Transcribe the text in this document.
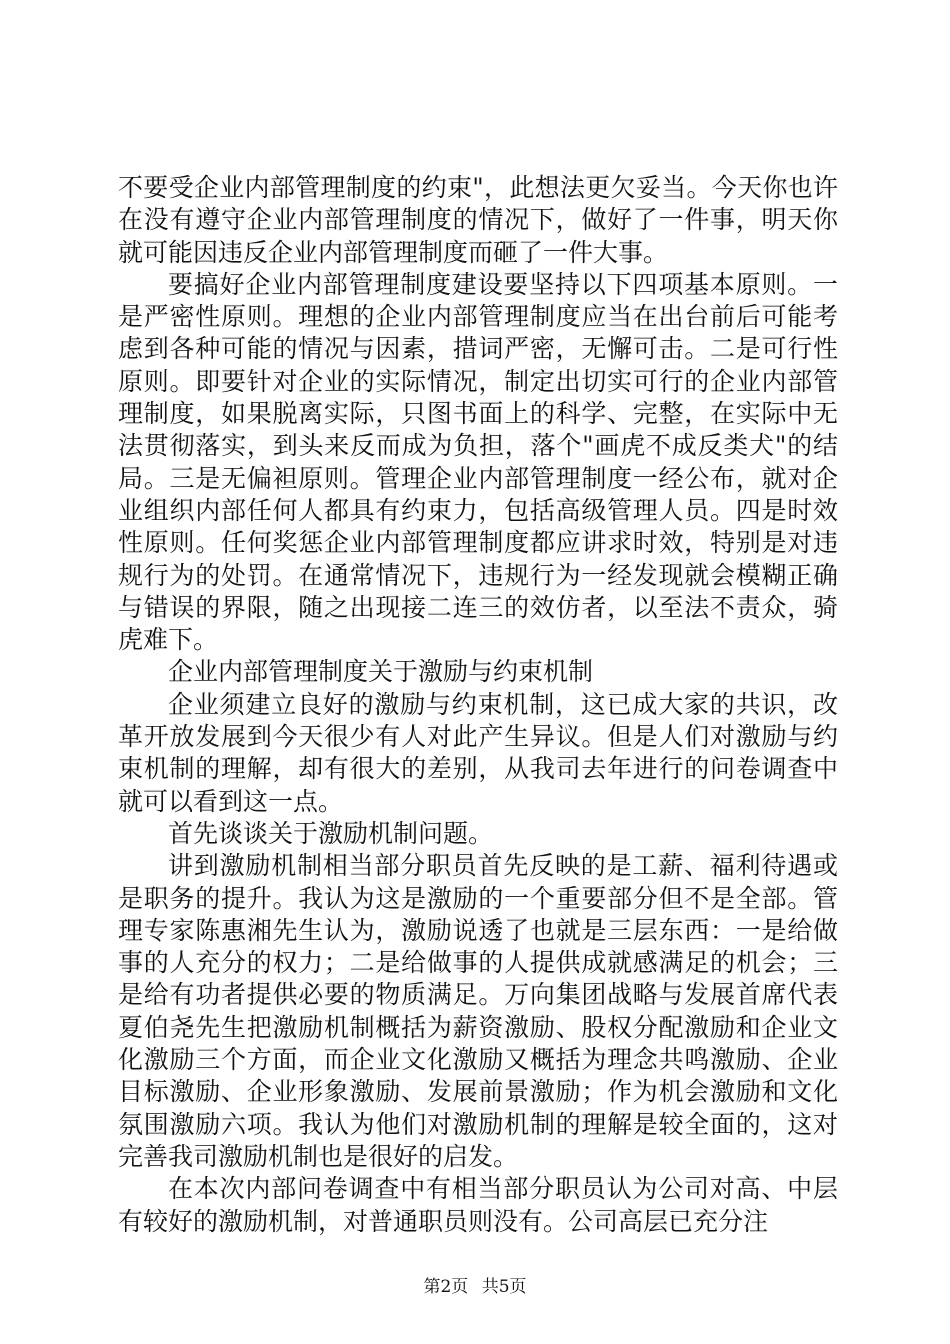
不要受企业内部管理制度的约束"，此想法更欠妥当。今天你也许在没有遵守企业内部管理制度的情况下，做好了一件事，明天你就可能因违反企业内部管理制度而砸了一件大事。

要搞好企业内部管理制度建设要坚持以下四项基本原则。一是严密性原则。理想的企业内部管理制度应当在出台前后可能考虑到各种可能的情况与因素，措词严密，无懈可击。二是可行性原则。即要针对企业的实际情况，制定出切实可行的企业内部管理制度，如果脱离实际，只图书面上的科学、完整，在实际中无法贯彻落实，到头来反而成为负担，落个"画虎不成反类犬"的结局。三是无偏袒原则。管理企业内部管理制度一经公布，就对企业组织内部任何人都具有约束力，包括高级管理人员。四是时效性原则。任何奖惩企业内部管理制度都应讲求时效，特别是对违规行为的处罚。在通常情况下，违规行为一经发现就会模糊正确与错误的界限，随之出现接二连三的效仿者，以至法不责众，骑虎难下。

企业内部管理制度关于激励与约束机制

企业须建立良好的激励与约束机制，这已成大家的共识，改革开放发展到今天很少有人对此产生异议。但是人们对激励与约束机制的理解，却有很大的差别，从我司去年进行的问卷调查中就可以看到这一点。

首先谈谈关于激励机制问题。

讲到激励机制相当部分职员首先反映的是工薪、福利待遇或是职务的提升。我认为这是激励的一个重要部分但不是全部。管理专家陈惠湘先生认为，激励说透了也就是三层东西：一是给做事的人充分的权力；二是给做事的人提供成就感满足的机会；三是给有功者提供必要的物质满足。万向集团战略与发展首席代表夏伯尧先生把激励机制概括为薪资激励、股权分配激励和企业文化激励三个方面，而企业文化激励又概括为理念共鸣激励、企业目标激励、企业形象激励、发展前景激励；作为机会激励和文化氛围激励六项。我认为他们对激励机制的理解是较全面的，这对完善我司激励机制也是很好的启发。

在本次内部问卷调查中有相当部分职员认为公司对高、中层有较好的激励机制，对普通职员则没有。公司高层已充分注

第2页 共5页
